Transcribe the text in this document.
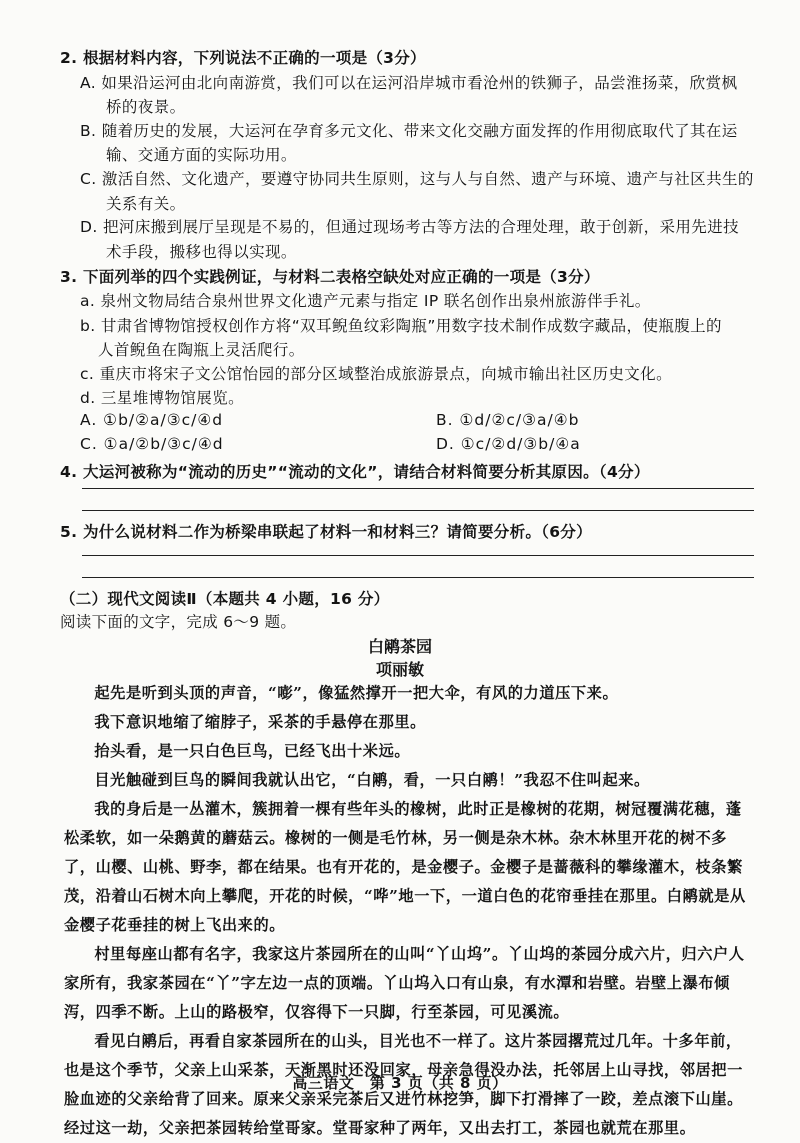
2. 根据材料内容，下列说法不正确的一项是（3分）
A. 如果沿运河由北向南游赏，我们可以在运河沿岸城市看沧州的铁狮子，品尝淮扬菜，欣赏枫
桥的夜景。
B. 随着历史的发展，大运河在孕育多元文化、带来文化交融方面发挥的作用彻底取代了其在运
输、交通方面的实际功用。
C. 激活自然、文化遗产，要遵守协同共生原则，这与人与自然、遗产与环境、遗产与社区共生的
关系有关。
D. 把河床搬到展厅呈现是不易的，但通过现场考古等方法的合理处理，敢于创新，采用先进技
术手段，搬移也得以实现。
3. 下面列举的四个实践例证，与材料二表格空缺处对应正确的一项是（3分）
a. 泉州文物局结合泉州世界文化遗产元素与指定 IP 联名创作出泉州旅游伴手礼。
b. 甘肃省博物馆授权创作方将“双耳鲵鱼纹彩陶瓶”用数字技术制作成数字藏品，使瓶腹上的
人首鲵鱼在陶瓶上灵活爬行。
c. 重庆市将宋子文公馆怡园的部分区域整治成旅游景点，向城市输出社区历史文化。
d. 三星堆博物馆展览。
A. ①b/②a/③c/④d	B. ①d/②c/③a/④b
C. ①a/②b/③c/④d	D. ①c/②d/③b/④a
4. 大运河被称为“流动的历史”“流动的文化”，请结合材料简要分析其原因。（4分）
5. 为什么说材料二作为桥梁串联起了材料一和材料三？请简要分析。（6分）
（二）现代文阅读Ⅱ（本题共 4 小题，16 分）
阅读下面的文字，完成 6～9 题。
白鹇茶园
项丽敏

起先是听到头顶的声音，“嘭”，像猛然撑开一把大伞，有风的力道压下来。

我下意识地缩了缩脖子，采茶的手悬停在那里。

抬头看，是一只白色巨鸟，已经飞出十米远。

目光触碰到巨鸟的瞬间我就认出它，“白鹇，看，一只白鹇！”我忍不住叫起来。

我的身后是一丛灌木，簇拥着一棵有些年头的橡树，此时正是橡树的花期，树冠覆满花穗，蓬松柔软，如一朵鹅黄的蘑菇云。橡树的一侧是毛竹林，另一侧是杂木林。杂木林里开花的树不多了，山樱、山桃、野李，都在结果。也有开花的，是金樱子。金樱子是蔷薇科的攀缘灌木，枝条繁茂，沿着山石树木向上攀爬，开花的时候，“哗”地一下，一道白色的花帘垂挂在那里。白鹇就是从金樱子花垂挂的树上飞出来的。

村里每座山都有名字，我家这片茶园所在的山叫“丫山坞”。丫山坞的茶园分成六片，归六户人家所有，我家茶园在“丫”字左边一点的顶端。丫山坞入口有山泉，有水潭和岩壁。岩壁上瀑布倾泻，四季不断。上山的路极窄，仅容得下一只脚，行至茶园，可见溪流。

看见白鹇后，再看自家茶园所在的山头，目光也不一样了。这片茶园撂荒过几年。十多年前，也是这个季节，父亲上山采茶，天渐黑时还没回家，母亲急得没办法，托邻居上山寻找，邻居把一脸血迹的父亲给背了回来。原来父亲采完茶后又进竹林挖笋，脚下打滑摔了一跤，差点滚下山崖。经过这一劫，父亲把茶园转给堂哥家。堂哥家种了两年，又出去打工，茶园也就荒在那里。

高三语文　第 3 页（共 8 页）
